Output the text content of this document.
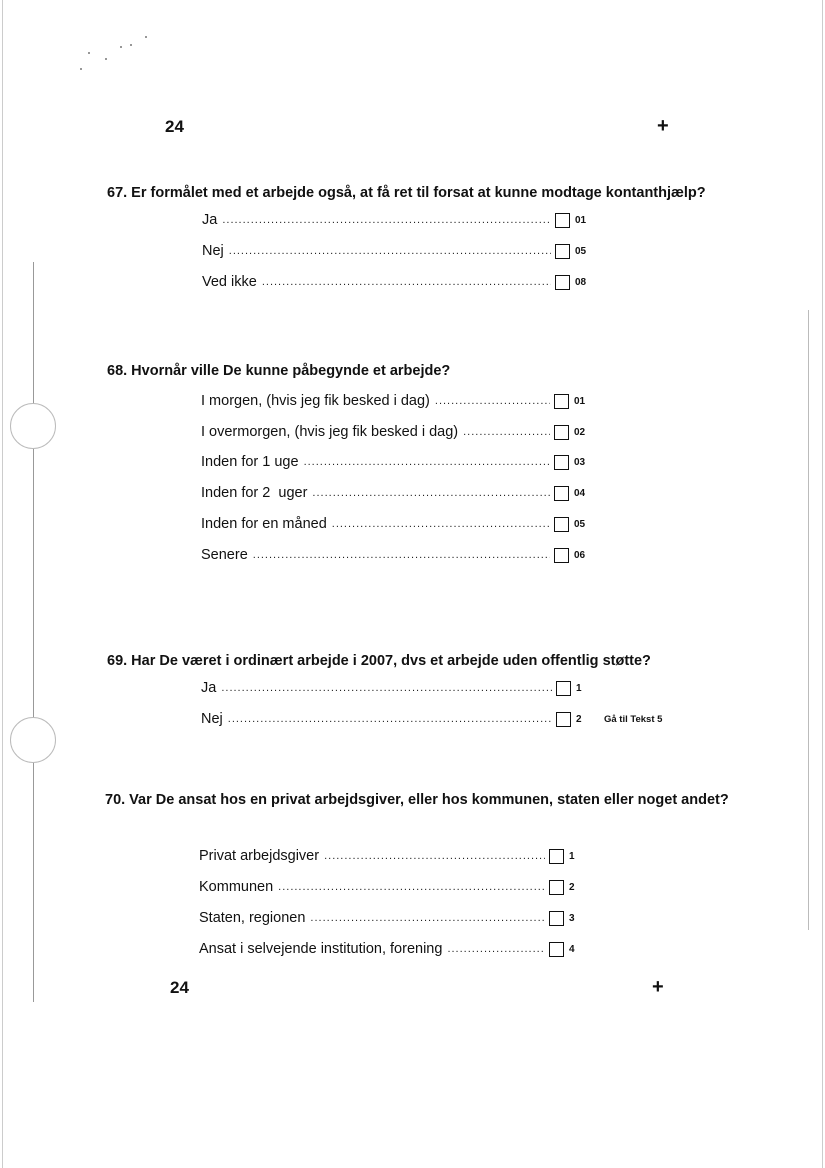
24	+
67. Er formålet med et arbejde også, at få ret til forsat at kunne modtage kontanthjælp?
Ja .....	01
Nej .....	05
Ved ikke .....	08
68. Hvornår ville De kunne påbegynde et arbejde?
I morgen, (hvis jeg fik besked i dag) .....	01
I overmorgen, (hvis jeg fik besked i dag) .....	02
Inden for 1 uge .....	03
Inden for 2  uger .....	04
Inden for en måned .....	05
Senere .....	06
69. Har De været i ordinært arbejde i 2007, dvs et arbejde uden offentlig støtte?
Ja .....	1
Nej .....	2	Gå til Tekst 5
70. Var De ansat hos en privat arbejdsgiver, eller hos kommunen, staten eller noget andet?
Privat arbejdsgiver .....	1
Kommunen .....	2
Staten, regionen .....	3
Ansat i selvejende institution, forening .....	4
24	+
